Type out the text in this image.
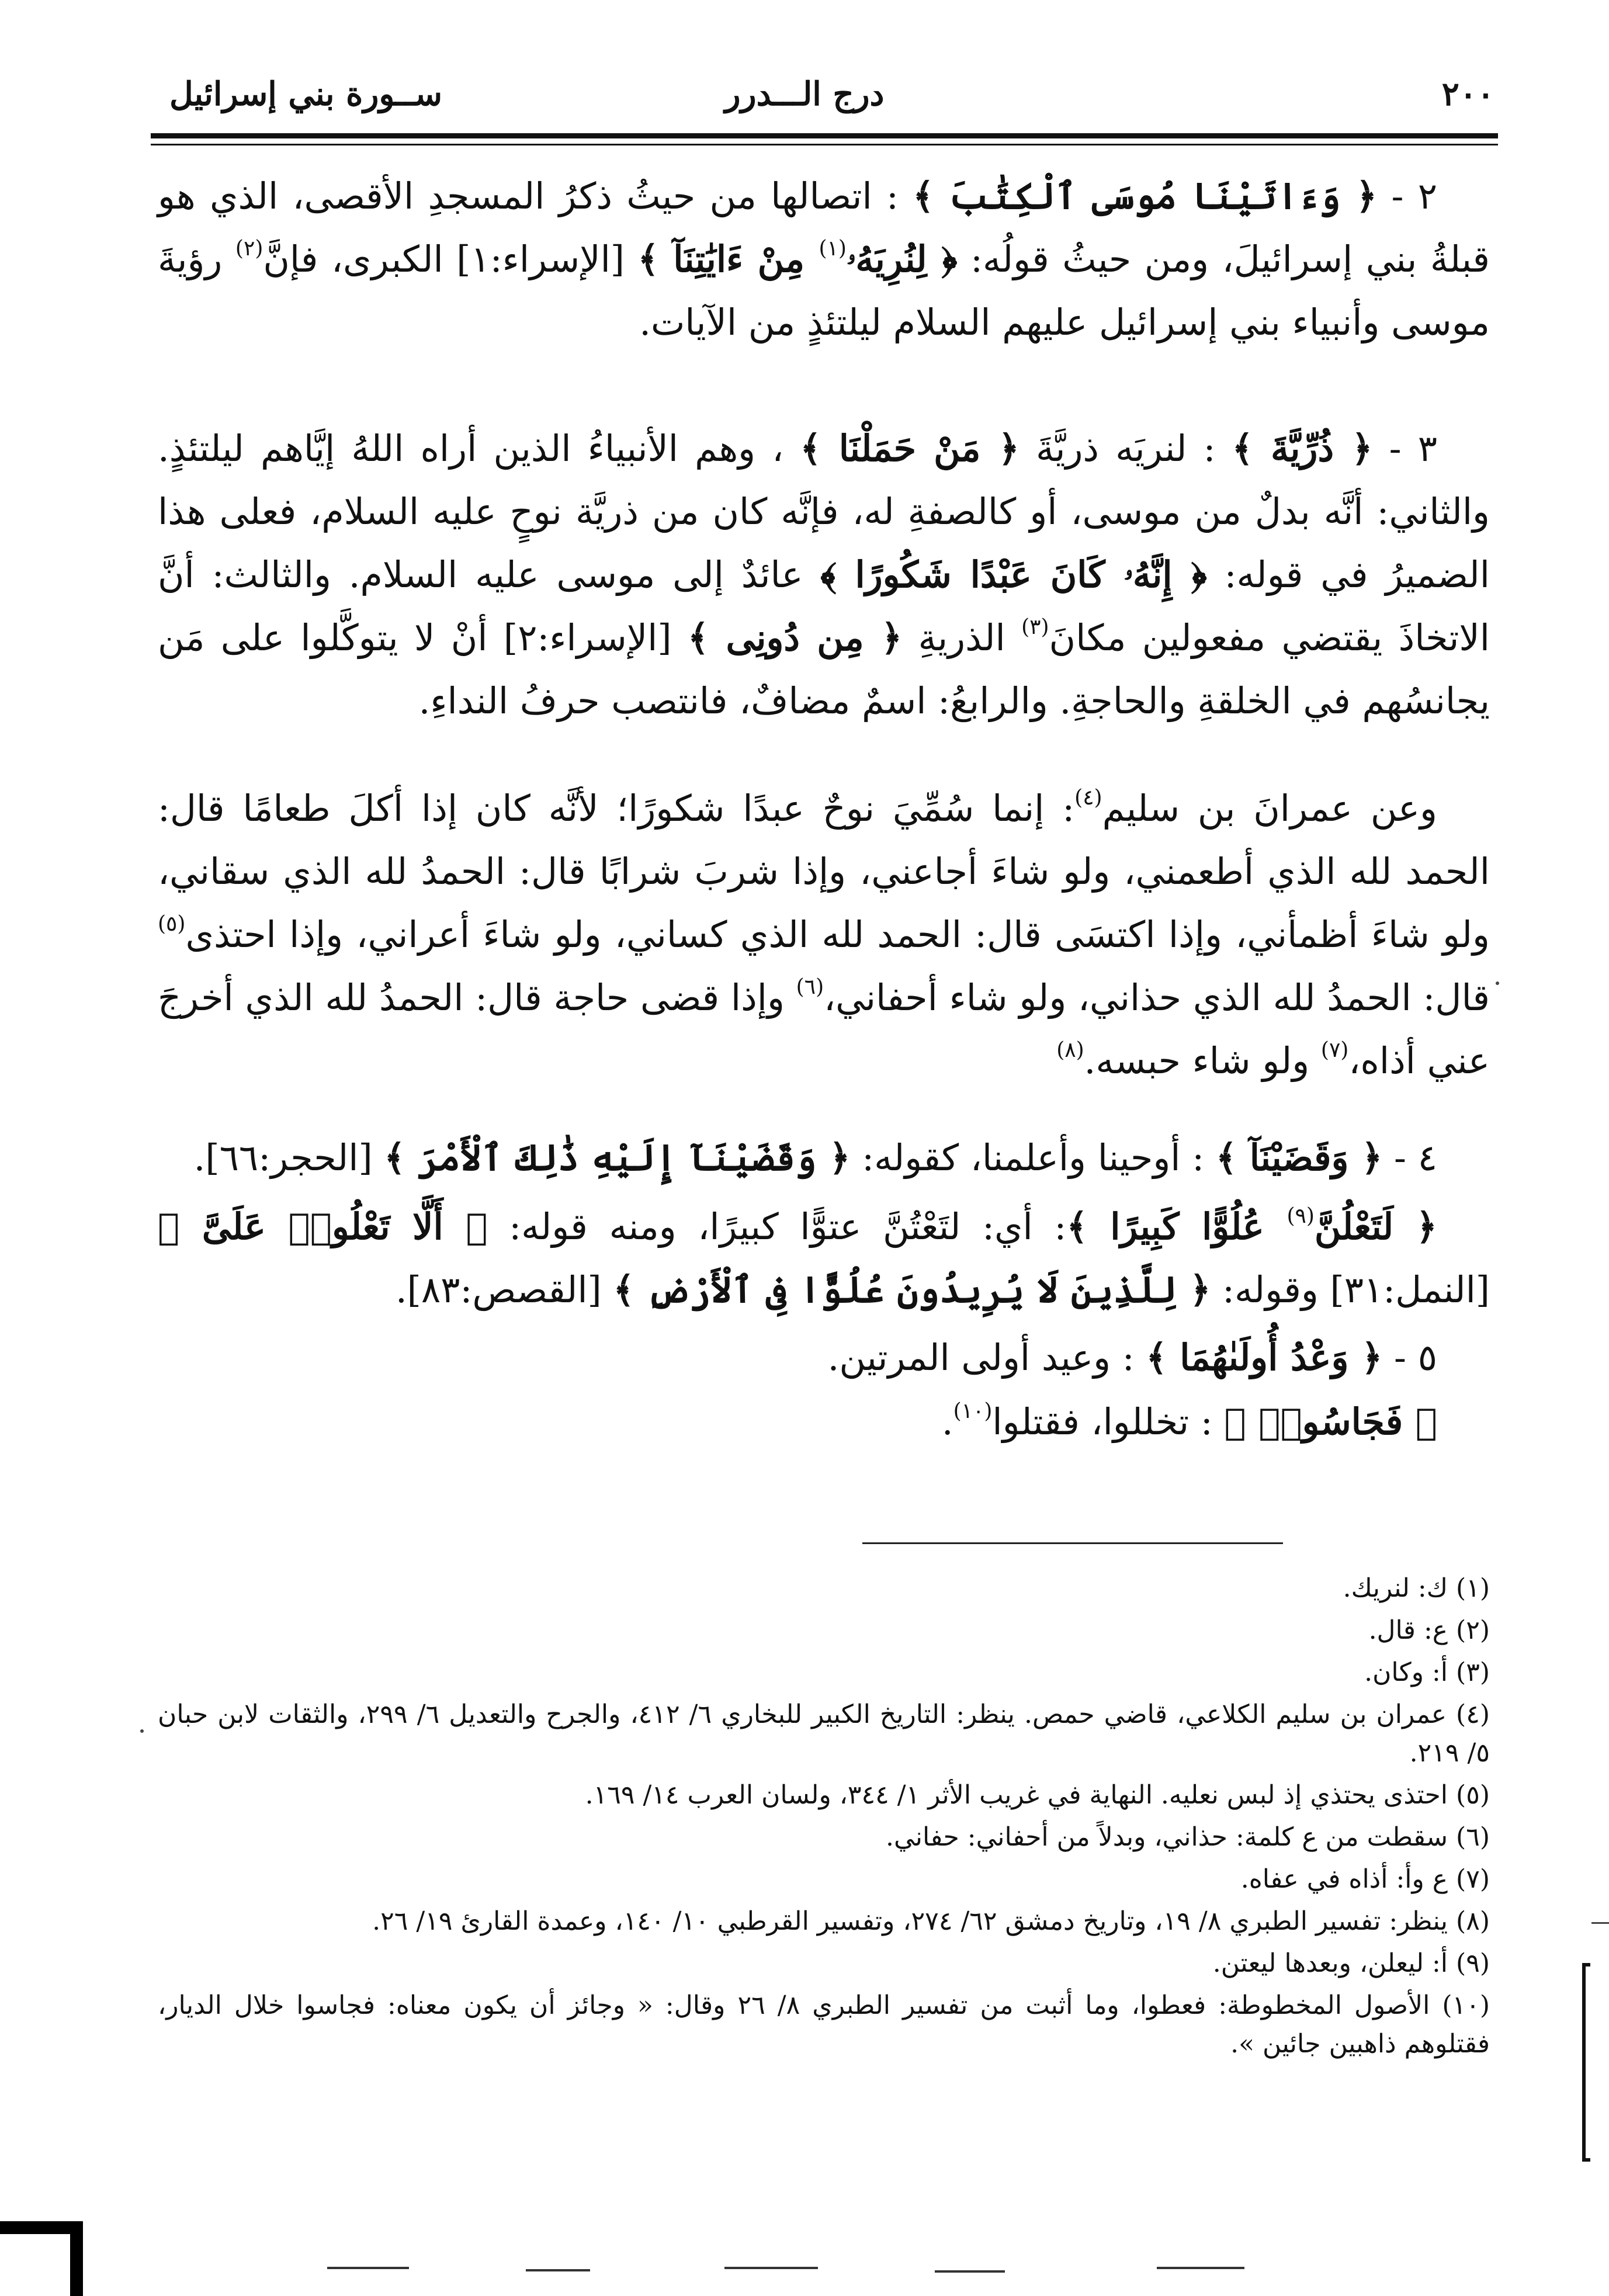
٢٠٠
درج الـــدرر
ســورة بني إسرائيل

٢ - ﴿ وَءَاتَيْنَا مُوسَى ٱلْكِتَٰبَ ﴾ : اتصالها من حيثُ ذكرُ المسجدِ الأقصى، الذي هو قبلةُ بني إسرائيلَ، ومن حيثُ قولُه: ﴿ لِنُرِيَهُۥ$^{(١)}$ مِنْ ءَايَٰتِنَآ ﴾ [الإسراء:١] الكبرى، فإنَّ$^{(٢)}$ رؤيةَ موسى وأنبياء بني إسرائيل عليهم السلام ليلتئذٍ من الآيات.

٣ - ﴿ ذُرِّيَّةَ ﴾ : لنريَه ذريَّةَ ﴿ مَنْ حَمَلْنَا ﴾ ، وهم الأنبياءُ الذين أراه اللهُ إيَّاهم ليلتئذٍ. والثاني: أنَّه بدلٌ من موسى، أو كالصفةِ له، فإنَّه كان من ذريَّة نوحٍ عليه السلام، فعلى هذا الضميرُ في قوله: ﴿ إِنَّهُۥ كَانَ عَبْدًا شَكُورًا ﴾ عائدٌ إلى موسى عليه السلام. والثالث: أنَّ الاتخاذَ يقتضي مفعولين مكانَ$^{(٣)}$ الذريةِ ﴿ مِن دُونِى ﴾ [الإسراء:٢] أنْ لا يتوكَّلوا على مَن يجانسُهم في الخلقةِ والحاجةِ. والرابعُ: اسمٌ مضافٌ، فانتصب حرفُ النداءِ.

وعن عمرانَ بن سليم$^{(٤)}$: إنما سُمِّيَ نوحٌ عبدًا شكورًا؛ لأنَّه كان إذا أكلَ طعامًا قال: الحمد لله الذي أطعمني، ولو شاءَ أجاعني، وإذا شربَ شرابًا قال: الحمدُ لله الذي سقاني، ولو شاءَ أظمأني، وإذا اكتسَى قال: الحمد لله الذي كساني، ولو شاءَ أعراني، وإذا احتذى$^{(٥)}$ قال: الحمدُ لله الذي حذاني، ولو شاء أحفاني،$^{(٦)}$ وإذا قضى حاجة قال: الحمدُ لله الذي أخرجَ عني أذاه،$^{(٧)}$ ولو شاء حبسه.$^{(٨)}$

٤ - ﴿ وَقَضَيْنَآ ﴾ : أوحينا وأعلمنا، كقوله: ﴿ وَقَضَيْنَآ إِلَيْهِ ذَٰلِكَ ٱلْأَمْرَ ﴾ [الحجر:٦٦].

﴿ لَتَعْلُنَّ$^{(٩)}$ عُلُوًّا كَبِيرًا ﴾: أي: لتَعْتُنَّ عتوًّا كبيرًا، ومنه قوله: ﴿ أَلَّا تَعْلُوا۟ عَلَىَّ ﴾ [النمل:٣١] وقوله: ﴿ لِلَّذِينَ لَا يُرِيدُونَ عُلُوًّا فِى ٱلْأَرْضِ ﴾ [القصص:٨٣].

٥ - ﴿ وَعْدُ أُولَىٰهُمَا ﴾ : وعيد أولى المرتين.

﴿ فَجَاسُوا۟ ﴾ : تخللوا، فقتلوا$^{(١٠)}$.

(١) ك: لنريك.

(٢) ع: قال.

(٣) أ: وكان.

(٤) عمران بن سليم الكلاعي، قاضي حمص. ينظر: التاريخ الكبير للبخاري ٦/ ٤١٢، والجرح والتعديل ٦/ ٢٩٩، والثقات لابن حبان ٥/ ٢١٩.

(٥) احتذى يحتذي إذ لبس نعليه. النهاية في غريب الأثر ١/ ٣٤٤، ولسان العرب ١٤/ ١٦٩.

(٦) سقطت من ع كلمة: حذاني، وبدلاً من أحفاني: حفاني.

(٧) ع وأ: أذاه في عفاه.

(٨) ينظر: تفسير الطبري ٨/ ١٩، وتاريخ دمشق ٦٢/ ٢٧٤، وتفسير القرطبي ١٠/ ١٤٠، وعمدة القارئ ١٩/ ٢٦.

(٩) أ: ليعلن، وبعدها ليعتن.

(١٠) الأصول المخطوطة: فعطوا، وما أثبت من تفسير الطبري ٨/ ٢٦ وقال: « وجائز أن يكون معناه: فجاسوا خلال الديار، فقتلوهم ذاهبين جائين ».
